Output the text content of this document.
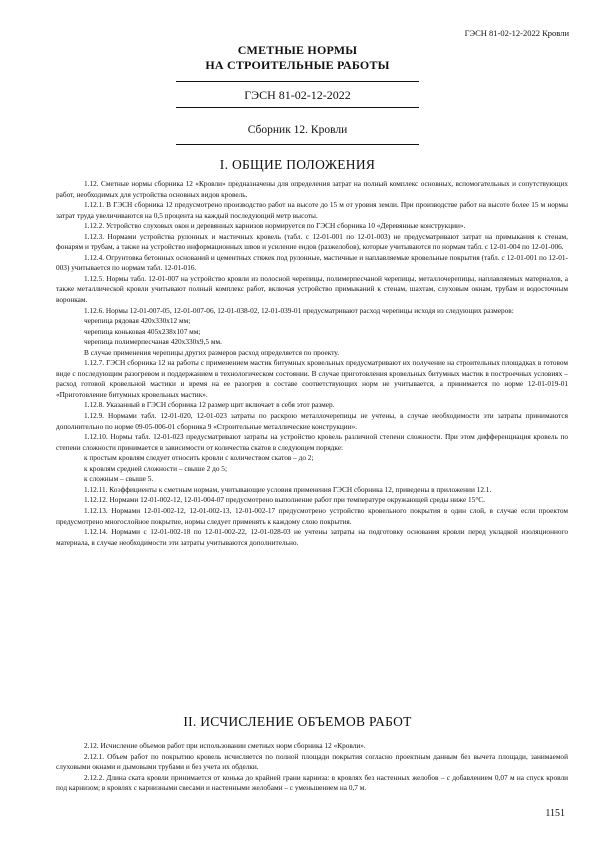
ГЭСН 81-02-12-2022 Кровли
СМЕТНЫЕ НОРМЫ
НА СТРОИТЕЛЬНЫЕ РАБОТЫ
ГЭСН 81-02-12-2022
Сборник 12. Кровли
I. ОБЩИЕ ПОЛОЖЕНИЯ

1.12. Сметные нормы сборника 12 «Кровли» предназначены для определения затрат на полный комплекс основных, вспомогательных и сопутствующих работ, необходимых для устройства основных видов кровель.

1.12.1. В ГЭСН сборника 12 предусмотрено производство работ на высоте до 15 м от уровня земли. При производстве работ на высоте более 15 м нормы затрат труда увеличиваются на 0,5 процента на каждый последующий метр высоты.

1.12.2. Устройство слуховых окон и деревянных карнизов нормируется по ГЭСН сборника 10 «Деревянные конструкции».

1.12.3. Нормами устройства рулонных и мастичных кровель (табл. с 12-01-001 по 12-01-003) не предусматривают затрат на примыкания к стенам, фонарям и трубам, а также на устройство информационных швов и усиление ендов (разжелобов), которые учитываются по нормам табл. с 12-01-004 по 12-01-006.

1.12.4. Огрунтовка бетонных оснований и цементных стяжек под рулонные, мастичные и наплавляемые кровельные покрытия (табл. с 12-01-001 по 12-01-003) учитывается по нормам табл. 12-01-016.

1.12.5. Нормы табл. 12-01-007 на устройство кровли из полосной черепицы, полимерпесчаной черепицы, металлочерепицы, наплавляемых материалов, а также металлической кровли учитывают полный комплекс работ, включая устройство примыканий к стенам, шахтам, слуховым окнам, трубам и водосточным воронкам.

1.12.6. Нормы 12-01-007-05, 12-01-007-06, 12-01-038-02, 12-01-039-01 предусматривают расход черепицы исходя из следующих размеров:

черепица рядовая 420х330х12 мм;

черепица коньковая 405х238х107 мм;

черепица полимерпесчаная 420х330х9,5 мм.

В случае применения черепицы других размеров расход определяется по проекту.

1.12.7. ГЭСН сборника 12 на работы с применением мастик битумных кровельных предусматривают их получение на строительных площадках в готовом виде с последующим разогревом и поддержанием в технологическом состоянии. В случае приготовления кровельных битумных мастик в построечных условиях – расход готовой кровельной мастики и время на ее разогрев в составе соответствующих норм не учитывается, а принимается по норме 12-01-019-01 «Приготовление битумных кровельных мастик».

1.12.8. Указанный в ГЭСН сборника 12 размер щит включает в себя этот размер.

1.12.9. Нормами табл. 12-01-020, 12-01-023 затраты по раскрою металлочерепицы не учтены, в случае необходимости эти затраты принимаются дополнительно по норме 09-05-006-01 сборника 9 «Строительные металлические конструкции».

1.12.10. Нормы табл. 12-01-023 предусматривают затраты на устройство кровель различной степени сложности. При этом дифференциация кровель по степени сложности принимается в зависимости от количества скатов в следующем порядке:

к простым кровлям следует относить кровли с количеством скатов – до 2;

к кровлям средней сложности – свыше 2 до 5;

к сложным – свыше 5.

1.12.11. Коэффициенты к сметным нормам, учитывающие условия применения ГЭСН сборника 12, приведены в приложении 12.1.

1.12.12. Нормами 12-01-002-12, 12-01-004-07 предусмотрено выполнение работ при температуре окружающей среды ниже 15°С.

1.12.13. Нормами 12-01-002-12, 12-01-002-13, 12-01-002-17 предусмотрено устройство кровельного покрытия в один слой, в случае если проектом предусмотрено многослойное покрытие, нормы следует применять к каждому слою покрытия.

1.12.14. Нормами с 12-01-002-18 по 12-01-002-22, 12-01-028-03 не учтены затраты на подготовку основания кровли перед укладкой изоляционного материала, в случае необходимости эти затраты учитываются дополнительно.

II. ИСЧИСЛЕНИЕ ОБЪЕМОВ РАБОТ

2.12. Исчисление объемов работ при использовании сметных норм сборника 12 «Кровли».

2.12.1. Объем работ по покрытию кровель исчисляется по полной площади покрытия согласно проектным данным без вычета площади, занимаемой слуховыми окнами и дымовыми трубами и без учета их обделки.

2.12.2. Длина ската кровли принимается от конька до крайней грани карниза: в кровлях без настенных желобов – с добавлением 0,07 м на спуск кровли под карнизом; в кровлях с карнизными свесами и настенными желобами – с уменьшением на 0,7 м.

1151
